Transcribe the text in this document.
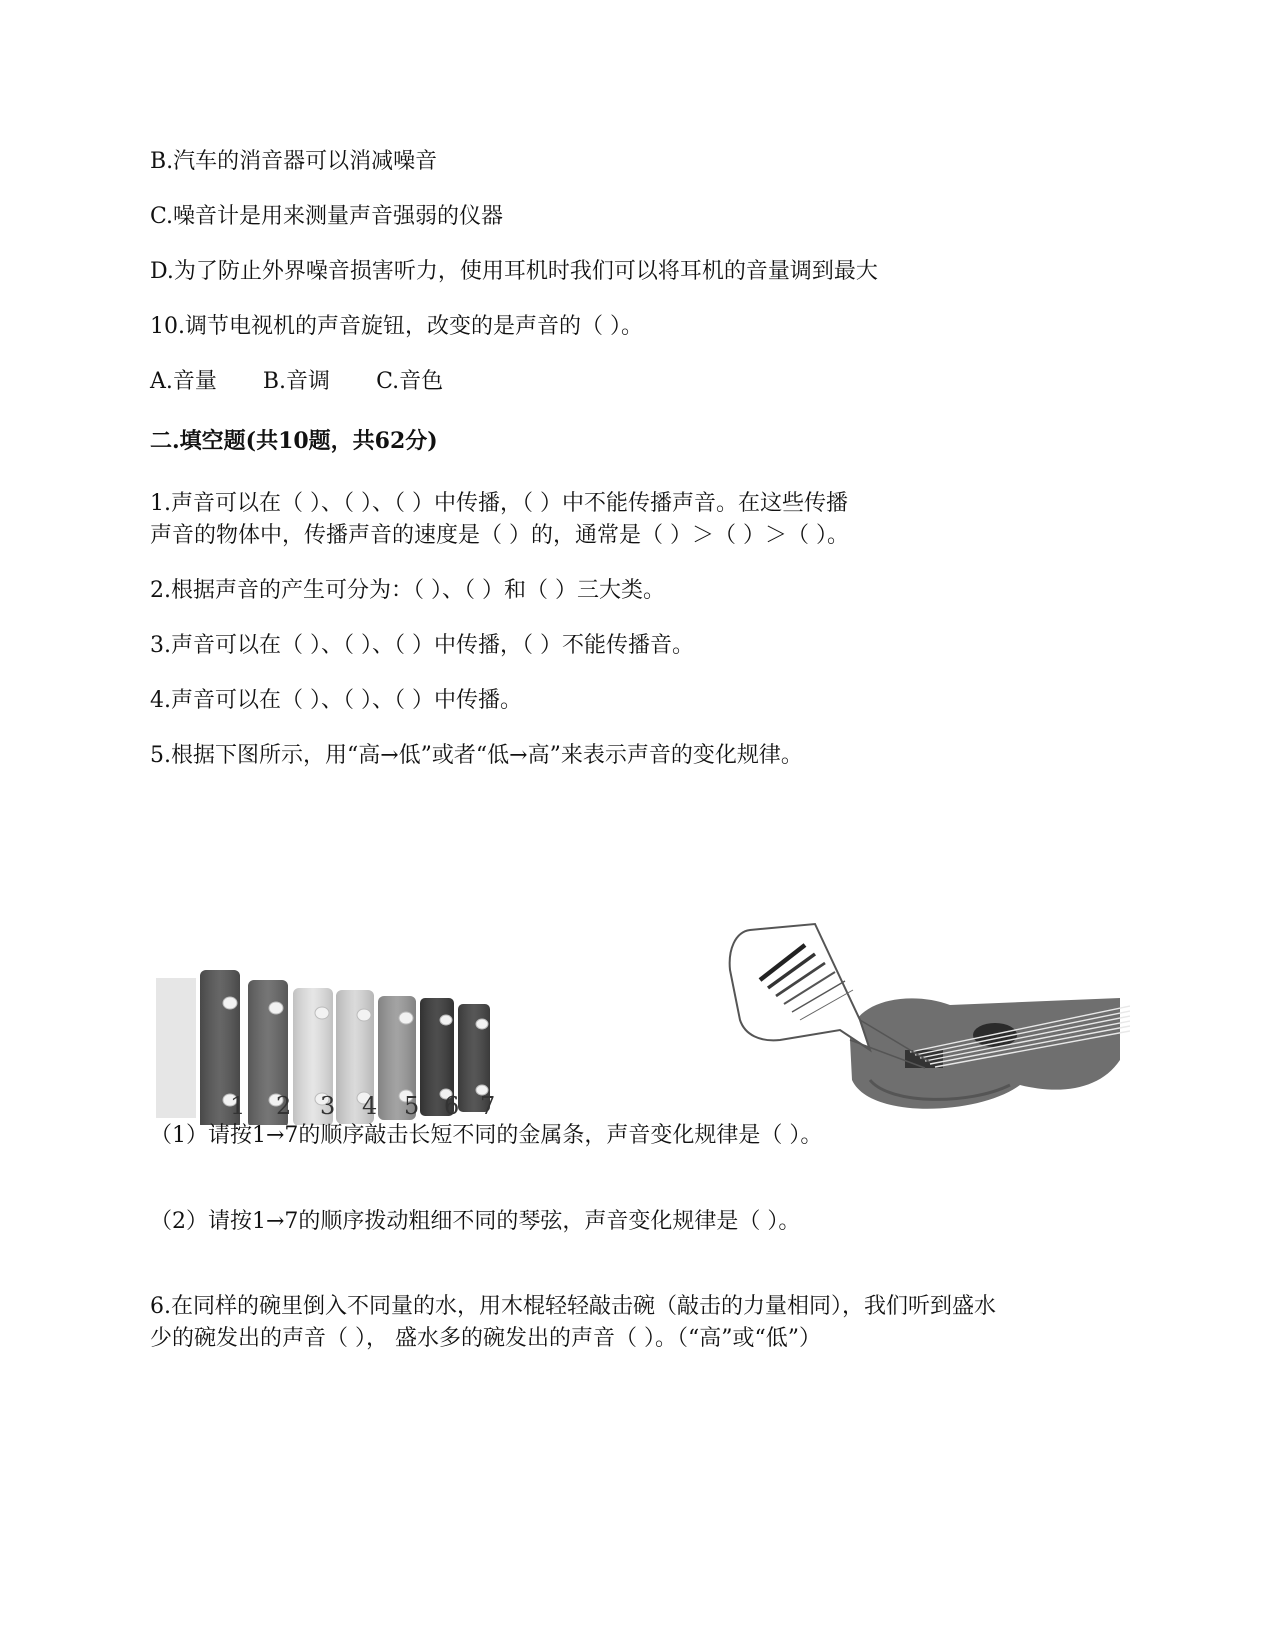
B.汽车的消音器可以消减噪音
C.噪音计是用来测量声音强弱的仪器
D.为了防止外界噪音损害听力，使用耳机时我们可以将耳机的音量调到最大
10.调节电视机的声音旋钮，改变的是声音的（ ）。
A.音量 B.音调 C.音色
二.填空题(共10题，共62分)
1.声音可以在（ ）、（ ）、（ ）中传播，（ ）中不能传播声音。在这些传播
声音的物体中，传播声音的速度是（ ）的，通常是（ ）＞（ ）＞（ ）。
2.根据声音的产生可分为：（ ）、（ ）和（ ）三大类。
3.声音可以在（ ）、（ ）、（ ）中传播，（ ）不能传播音。
4.声音可以在（ ）、（ ）、（ ）中传播。
5.根据下图所示，用“高→低”或者“低→高”来表示声音的变化规律。
1 2 3 4 5 6 7
（1）请按1→7的顺序敲击长短不同的金属条，声音变化规律是（ ）。
（2）请按1→7的顺序拨动粗细不同的琴弦，声音变化规律是（ ）。
6.在同样的碗里倒入不同量的水，用木棍轻轻敲击碗（敲击的力量相同），我们听到盛水
少的碗发出的声音（ ）， 盛水多的碗发出的声音（ ）。（“高”或“低”）
